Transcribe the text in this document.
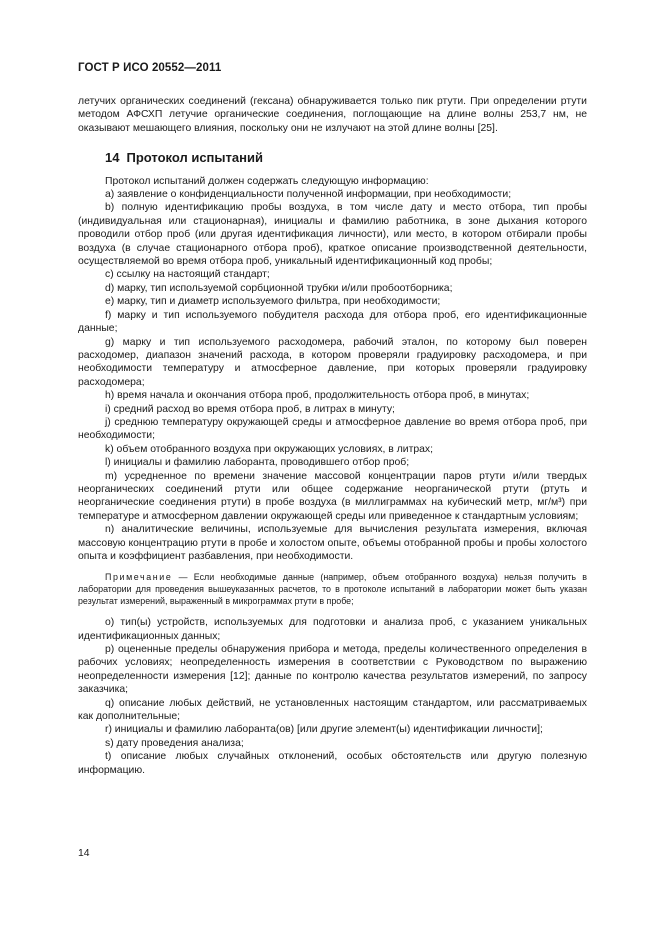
ГОСТ Р ИСО 20552—2011

летучих органических соединений (гексана) обнаруживается только пик ртути. При определении ртути методом АФСХП летучие органические соединения, поглощающие на длине волны 253,7 нм, не оказывают мешающего влияния, поскольку они не излучают на этой длине волны [25].

14 Протокол испытаний

Протокол испытаний должен содержать следующую информацию:

a) заявление о конфиденциальности полученной информации, при необходимости;

b) полную идентификацию пробы воздуха, в том числе дату и место отбора, тип пробы (индивидуальная или стационарная), инициалы и фамилию работника, в зоне дыхания которого проводили отбор проб (или другая идентификация личности), или место, в котором отбирали пробы воздуха (в случае стационарного отбора проб), краткое описание производственной деятельности, осуществляемой во время отбора проб, уникальный идентификационный код пробы;

c) ссылку на настоящий стандарт;

d) марку, тип используемой сорбционной трубки и/или пробоотборника;

e) марку, тип и диаметр используемого фильтра, при необходимости;

f) марку и тип используемого побудителя расхода для отбора проб, его идентификационные данные;

g) марку и тип используемого расходомера, рабочий эталон, по которому был поверен расходомер, диапазон значений расхода, в котором проверяли градуировку расходомера, и при необходимости температуру и атмосферное давление, при которых проверяли градуировку расходомера;

h) время начала и окончания отбора проб, продолжительность отбора проб, в минутах;

i) средний расход во время отбора проб, в литрах в минуту;

j) среднюю температуру окружающей среды и атмосферное давление во время отбора проб, при необходимости;

k) объем отобранного воздуха при окружающих условиях, в литрах;

l) инициалы и фамилию лаборанта, проводившего отбор проб;

m) усредненное по времени значение массовой концентрации паров ртути и/или твердых неорганических соединений ртути или общее содержание неорганической ртути (ртуть и неорганические соединения ртути) в пробе воздуха (в миллиграммах на кубический метр, мг/м³) при температуре и атмосферном давлении окружающей среды или приведенное к стандартным условиям;

n) аналитические величины, используемые для вычисления результата измерения, включая массовую концентрацию ртути в пробе и холостом опыте, объемы отобранной пробы и пробы холостого опыта и коэффициент разбавления, при необходимости.

Примечание — Если необходимые данные (например, объем отобранного воздуха) нельзя получить в лаборатории для проведения вышеуказанных расчетов, то в протоколе испытаний в лаборатории может быть указан результат измерений, выраженный в микрограммах ртути в пробе;

o) тип(ы) устройств, используемых для подготовки и анализа проб, с указанием уникальных идентификационных данных;

p) оцененные пределы обнаружения прибора и метода, пределы количественного определения в рабочих условиях; неопределенность измерения в соответствии с Руководством по выражению неопределенности измерения [12]; данные по контролю качества результатов измерений, по запросу заказчика;

q) описание любых действий, не установленных настоящим стандартом, или рассматриваемых как дополнительные;

r) инициалы и фамилию лаборанта(ов) [или другие элемент(ы) идентификации личности];

s) дату проведения анализа;

t) описание любых случайных отклонений, особых обстоятельств или другую полезную информацию.

14
